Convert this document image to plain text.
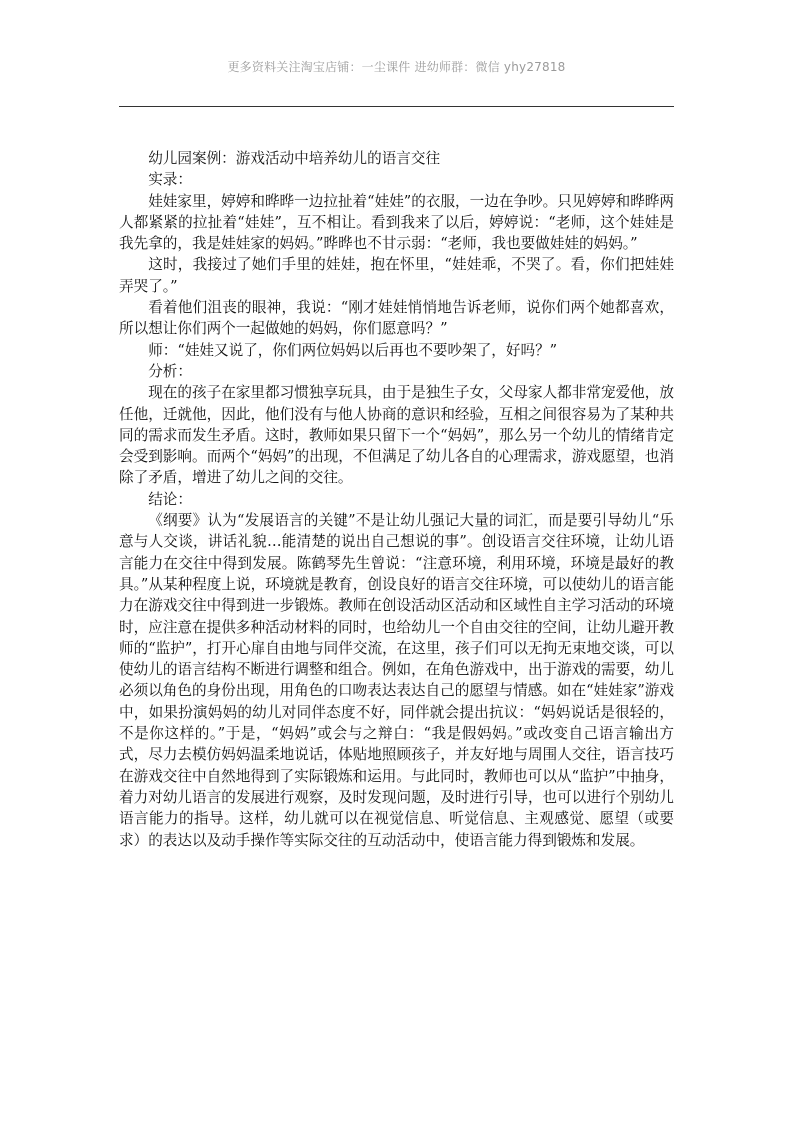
更多资料关注淘宝店铺：一尘课件 进幼师群：微信 yhy27818

幼儿园案例：游戏活动中培养幼儿的语言交往

实录：

娃娃家里，婷婷和晔晔一边拉扯着“娃娃”的衣服，一边在争吵。只见婷婷和晔晔两人都紧紧的拉扯着“娃娃”，互不相让。看到我来了以后，婷婷说：“老师，这个娃娃是我先拿的，我是娃娃家的妈妈。”晔晔也不甘示弱：“老师，我也要做娃娃的妈妈。”

这时，我接过了她们手里的娃娃，抱在怀里，“娃娃乖，不哭了。看，你们把娃娃弄哭了。”

看着他们沮丧的眼神，我说：“刚才娃娃悄悄地告诉老师，说你们两个她都喜欢，所以想让你们两个一起做她的妈妈，你们愿意吗？”

师：“娃娃又说了，你们两位妈妈以后再也不要吵架了，好吗？”

分析：

现在的孩子在家里都习惯独享玩具，由于是独生子女，父母家人都非常宠爱他，放任他，迁就他，因此，他们没有与他人协商的意识和经验，互相之间很容易为了某种共同的需求而发生矛盾。这时，教师如果只留下一个“妈妈”，那么另一个幼儿的情绪肯定会受到影响。而两个“妈妈”的出现，不但满足了幼儿各自的心理需求，游戏愿望，也消除了矛盾，增进了幼儿之间的交往。

结论：

《纲要》认为“发展语言的关键”不是让幼儿强记大量的词汇，而是要引导幼儿“乐意与人交谈，讲话礼貌…能清楚的说出自己想说的事”。创设语言交往环境，让幼儿语言能力在交往中得到发展。陈鹤琴先生曾说：“注意环境，利用环境，环境是最好的教具。”从某种程度上说，环境就是教育，创设良好的语言交往环境，可以使幼儿的语言能力在游戏交往中得到进一步锻炼。教师在创设活动区活动和区域性自主学习活动的环境时，应注意在提供多种活动材料的同时，也给幼儿一个自由交往的空间，让幼儿避开教师的“监护”，打开心扉自由地与同伴交流，在这里，孩子们可以无拘无束地交谈，可以使幼儿的语言结构不断进行调整和组合。例如，在角色游戏中，出于游戏的需要，幼儿必须以角色的身份出现，用角色的口吻表达表达自己的愿望与情感。如在“娃娃家”游戏中，如果扮演妈妈的幼儿对同伴态度不好，同伴就会提出抗议：“妈妈说话是很轻的，不是你这样的。”于是，“妈妈”或会与之辩白：“我是假妈妈。”或改变自己语言输出方式，尽力去模仿妈妈温柔地说话，体贴地照顾孩子，并友好地与周围人交往，语言技巧在游戏交往中自然地得到了实际锻炼和运用。与此同时，教师也可以从“监护”中抽身，着力对幼儿语言的发展进行观察，及时发现问题，及时进行引导，也可以进行个别幼儿语言能力的指导。这样，幼儿就可以在视觉信息、听觉信息、主观感觉、愿望（或要求）的表达以及动手操作等实际交往的互动活动中，使语言能力得到锻炼和发展。
